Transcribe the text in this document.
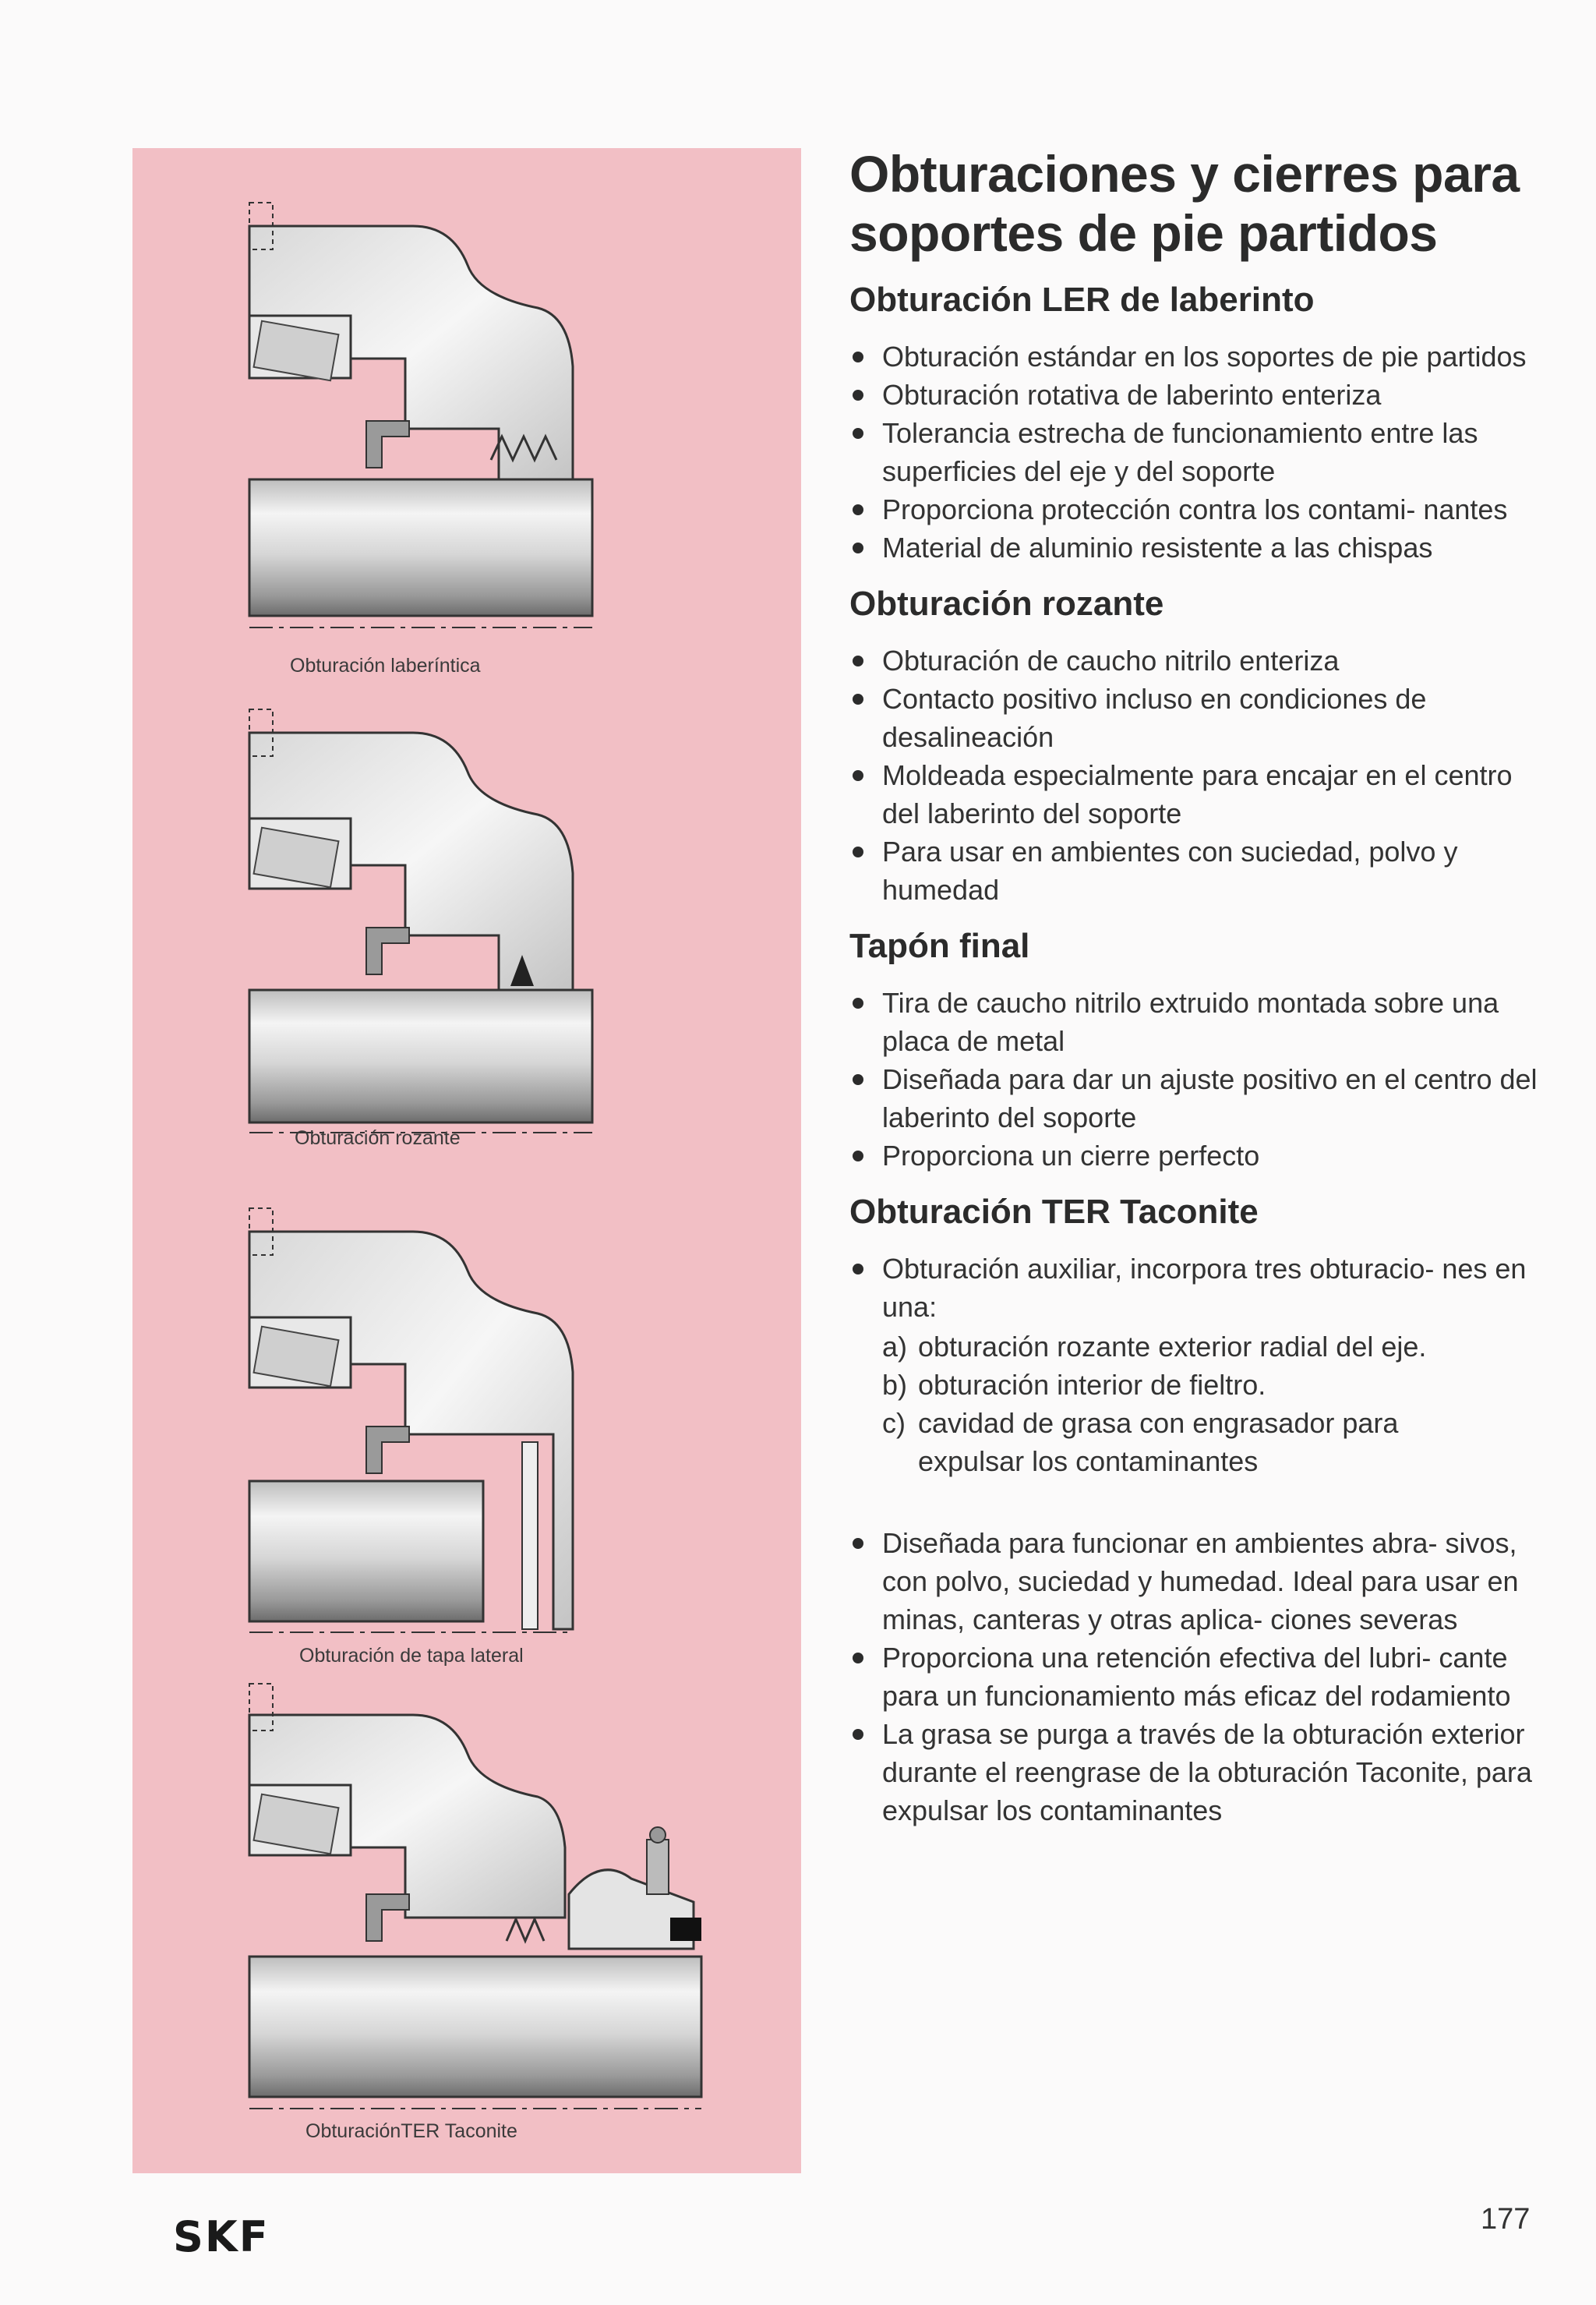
Obturación laberíntica
Obturación rozante
Obturación de tapa lateral
ObturaciónTER Taconite
Obturaciones y cierres para soportes de pie partidos
Obturación LER de laberinto
Obturación estándar en los soportes de pie partidos
Obturación rotativa de laberinto enteriza
Tolerancia estrecha de funcionamiento entre las superficies del eje y del soporte
Proporciona protección contra los contami- nantes
Material de aluminio resistente a las chispas
Obturación rozante
Obturación de caucho nitrilo enteriza
Contacto positivo incluso en condiciones de desalineación
Moldeada especialmente para encajar en el centro del laberinto del soporte
Para usar en ambientes con suciedad, polvo y humedad
Tapón final
Tira de caucho nitrilo extruido montada sobre una placa de metal
Diseñada para dar un ajuste positivo en el centro del laberinto del soporte
Proporciona un cierre perfecto
Obturación TER Taconite
Obturación auxiliar, incorpora tres obturacio- nes en una:
a) obturación rozante exterior radial del eje.
b) obturación interior de fieltro.
c) cavidad de grasa con engrasador para
expulsar los contaminantes
Diseñada para funcionar en ambientes abra- sivos, con polvo, suciedad y humedad. Ideal para usar en minas, canteras y otras aplica- ciones severas
Proporciona una retención efectiva del lubri- cante para un funcionamiento más eficaz del rodamiento
La grasa se purga a través de la obturación exterior durante el reengrase de la obturación Taconite, para expulsar los contaminantes
SKF	177
